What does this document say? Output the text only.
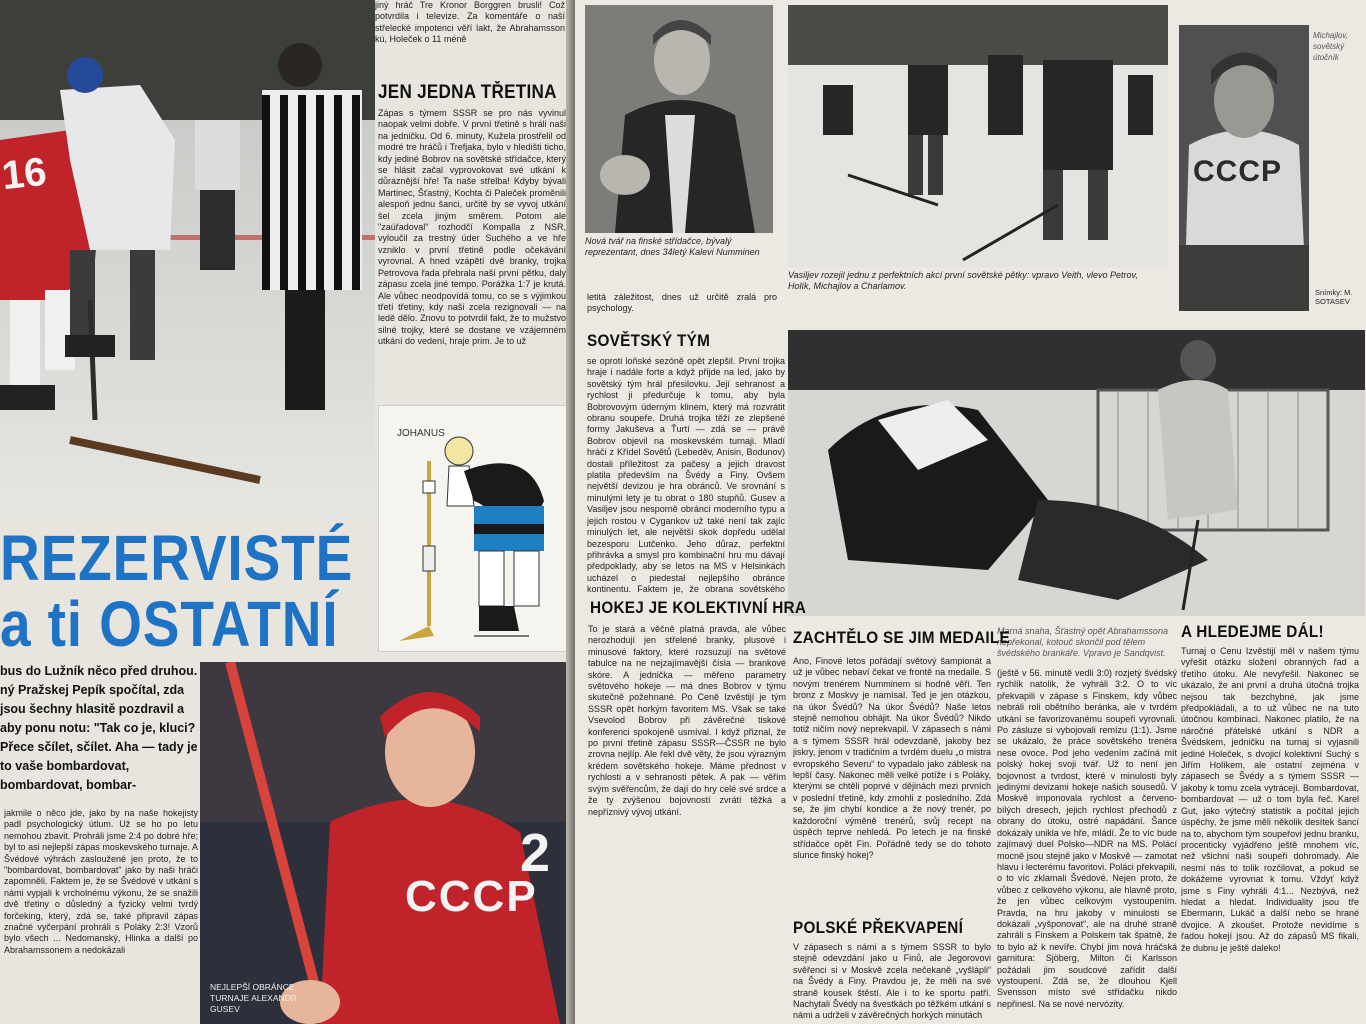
16
jiný hráč Tre Kronor Borggren brusli! Což potvrdila i televize. Za komentáře o naší střelecké impotenci věří lakt, že Abrahamsson kú, Holeček o 11 méně
JEN JEDNA TŘETINA
Zápas s týmem SSSR se pro nás vyvinul naopak velmi dobře. V první třetině s hráli naši na jedničku. Od 6. minuty, Kužela prostřelil od modré tre hráčů i Trefjaka, bylo v hledišti ticho, kdy jediné Bobrov na sovětské střídačce, který se hlásit začal vyprovokovat své utkání k důraznější hře! Ta naše střelba! Kdyby bývali Martinec, Šťastný, Kochta či Paleček proměnili alespoň jednu šanci, určitě by se vyvoj utkání šel zcela jiným směrem. Potom ale "zaúřadoval" rozhodčí Kompalla z NSR, vyloučil za trestný úder Suchého a ve hře vzniklo v první třetině podle očekávání vyrovnal. A hned vzápětí dvě branky, trojka Petrovova řada přebrala naší první pětku, daly zápasu zcela jiné tempo. Porážka 1:7 je krutá. Ale vůbec neodpovídá tomu, co se s výjimkou třetí třetiny, kdy naši zcela rezignovali — na ledě dělo. Znovu to potvrdil fakt, že to mužstvo silné trojky, které se dostane ve vzájemném utkání do vedení, hraje prim. Je to už
JOHANUS
REZERVISTÉ
a ti OSTATNÍ
bus do Lužník něco před druhou. ný Pražskej Pepík spočítal, zda jsou šechny hlasitě pozdravil a aby ponu notu: "Tak co je, kluci? Přece sčílet, sčílet. Aha — tady je to vaše bombardovat, bombardovat, bombar-
jakmile o něco jde, jako by na naše hokejisty padl psychologický útlum. Už se ho po letu nemohou zbavit. Prohráli jsme 2:4 po dobré hře; byl to asi nejlepší zápas moskevského turnaje. A Švédové výhrách zasloužené jen proto, že to "bombardovat, bombardovat" jako by naši hráči zapomněli. Faktem je, že se Švédové v utkání s námi vypjali k vrcholnému výkonu, že se snažili dvě třetiny o důsledný a fyzicky velmi tvrdý forčeking, který, zdá se, také připravil zápas značné vyčerpání prohráli s Poláky 2:3! Vzorů bylo všech ... Nedomanský, Hlinka a další po Abrahamssonem a nedokázali
2
CCCP
NEJLEPŠÍ OBRÁNCE TURNAJE ALEXANDR GUSEV
Nová tvář na finské střídačce, bývalý reprezentant, dnes 34letý Kalevi Numminen
Vasiljev rozejil jednu z perfektních akcí první sovětské pětky: vpravo Veith, vlevo Petrov, Holík, Michajlov a Charlamov.
CCCP
Michajlov, sovětský útočník
Snímky: M. SOTASEV
letitá záležitost, dnes už určitě zralá pro psychology.
SOVĚTSKÝ TÝM
se oproti loňské sezóně opět zlepšil. První trojka hraje i nadále forte a když přijde na led, jako by sovětský tým hrál přesilovku. Její sehranost a rychlost ji předurčuje k tomu, aby byla Bobrovovým úderným klinem, který má rozvrátit obranu soupeře. Druhá trojka těží ze zlepšené formy Jakuševa a Ťurtí — zdá se — právě Bobrov objevil na moskevském turnaji. Mladí hráči z Křídel Sovětů (Lebeděv, Anisin, Bodunov) dostali příležitost za pačesy a jejich dravost platila především na Švédy a Finy. Ovšem největší devizou je hra obránců. Ve srovnání s minulými lety je tu obrat o 180 stupňů. Gusev a Vasiljev jsou nesporně obránci moderního typu a jejich rostou v Cygankov už také není tak zajíc minulých let, ale největší skok dopředu udělal bezesporu Lutčenko. Jeho důraz, perfektní přihrávka a smysl pro kombinační hru mu dávají předpoklady, aby se letos na MS v Helsinkách ucházel o piedestal nejlepšího obránce kontinentu. Faktem je, že obrana sovětského
Marná snaha, Šťastný opět Abrahamssona nepřekonal, kotouč skončil pod tělem švédského brankáře. Vpravo je Sandqvist.
ZACHTĚLO SE JIM MEDAILE
Ano, Finové letos pořádají světový šampionát a už je vůbec nebaví čekat ve frontě na medaile. S novým trenérem Numminem si hodně věří. Ten bronz z Moskvy je namísal. Ted je jen otázkou, na úkor Švédů? Na úkor Švédů? Naše letos stejně nemohou obhájit. Na úkor Švédů? Nikdo totiž ničím nový neprekvapil. V zápasech s námi a s týmem SSSR hrál odevzdaně, jakoby bez jiskry, jenom v tradičním a tvrdém duelu „o mistra evropského Severu“ to vypadalo jako záblesk na lepší časy. Nakonec měli velké potíže i s Poláky, kterými se chtěli poprvé v dějinách mezi prvních v poslední třetině, kdy zmohli z posledního. Zdá se, že jim chybí kondice a že nový trenér, po každoroční výměně trenérů, svůj recept na úspěch teprve nehledá. Po letech je na finské střídačce opět Fin. Pořádně tedy se do tohoto slunce finský hokej?
POLSKÉ PŘEKVAPENÍ
V zápasech s námi a s týmem SSSR to bylo stejně odevzdání jako u Finů, ale Jegorovovi svěřenci si v Moskvě zcela nečekaně „vyšlápli“ na Švédy a Finy. Pravdou je, že měli na své straně kousek štěstí. Ale i to ke sportu patří. Nachytali Švédy na švestkách po těžkém utkání s námi a udrželi v závěrečných horkých minutách
(ještě v 56. minutě vedli 3:0) rozjetý švédský rychlík natolik, že vyhráli 3:2. O to víc překvapili v zápase s Finskem, kdy vůbec nebráli roli obětního beránka, ale v tvrdém utkání se favorizovanému soupeři vyrovnali. Po zásluze si vybojovali remízu (1:1). Jsme se ukázalo, že práce sovětského trenéra nese ovoce. Pod jeho vedením začíná mít polský hokej svoji tvář. Už to není jen bojovnost a tvrdost, které v minulosti byly jedinými devizami hokeje našich sousedů. V Moskvě imponovala rychlost a červeno-bílých dresech, jejich rychlost přechodů z obrany do útoku, ostré napádání. Šance dokázaly unikla ve hře, mládí. Že to víc bude zajímavý duel Polsko—NDR na MS. Polácí mocně jsou stejně jako v Moskvě — zamotat hlavu i lecterému favoritovi. Poláci překvapili, o to víc zklamali Švédové. Nejen proto, že vůbec z celkového výkonu, ale hlavně proto, že jen vůbec celkovým vystoupením. Pravda, na hru jakoby v minulosti se dokázali „vyšponovat“, ale na druhé straně zahráli s Finskem a Polskem tak špatně, že to bylo až k nevíře. Chybí jim nová hráčská garnitura: Sjöberg, Milton či Karlsson požádali jim soudcové zařídit další vystoupení. Zdá se, že dlouhou Kjell Svensson místo své střídačku nikdo nepřinesl. Na se nové nervózity.
A HLEDEJME DÁL!
Turnaj o Cenu Izvěstijí měl v našem týmu vyřešit otázku složení obranných řad a třetího útoku. Ale nevyřešil. Nakonec se ukázalo, že ani první a druhá útočná trojka nejsou tak bezchybné, jak jsme předpokládali, a to už vůbec ne na tuto útočnou kombinaci. Nakonec platilo, že na náročné přátelské utkání s NDR a Švédskem, jedničku na turnaj si vyjasnili jediné Holeček, s dvojicí kolektivní Suchý s Jiřím Holíkem, ale ostatní zejména v zápasech se Švédy a s týmem SSSR — jakoby k tomu zcela vytrácejí. Bombardovat, bombardovat — už o tom byla řeč. Karel Gut, jako výtečný statistik a počítal jejich úspěchy, že jsme měli několik desítek šancí na to, abychom tým soupeřovi jednu branku, procenticky vyjádřeno ještě mnohem víc, než všichni naši soupeři dohromady. Ale nesmí nás to tolik rozčilovat, a pokud se dokážeme vyrovnat k tomu. Vždyť když jsme s Finy vyhráli 4:1... Nezbývá, než hledat a hledat. Individuality jsou tře Ebermann, Lukáč a další nebo se hrané dvojice. A zkoušet. Protože nevidíme s řadou hokejí jsou. Až do zápasů MS fikali, že dubnu je ještě daleko!
HOKEJ JE KOLEKTIVNÍ HRA
To je stará a věčně platná pravda, ale vůbec nerozhodují jen střelené branky, plusové i minusové faktory, které rozsuzují na světové tabulce na ne nejzajímavější čísla — brankové skóre. A jednička — měřeno parametry světového hokeje — má dnes Bobrov v týmu skutečně požehnané. Po Ceně Izvěstijí je tým SSSR opět horkým favoritem MS. Však se také Vsevolod Bobrov při závěrečné tiskové konferenci spokojeně usmíval. I když přiznal, že po první třetině zápasu SSSR—ČSSR ne bylo zrovna nejlíp. Ale řekl dvě věty, že jsou výrazným krédem sovětského hokeje. Máme přednost v rychlosti a v sehranosti pětek. A pak — věřím svým svěřencům, že dají do hry celé své srdce a že ty zvýšenou bojovností zvrátí těžká a nepříznivý vývoj utkání.
